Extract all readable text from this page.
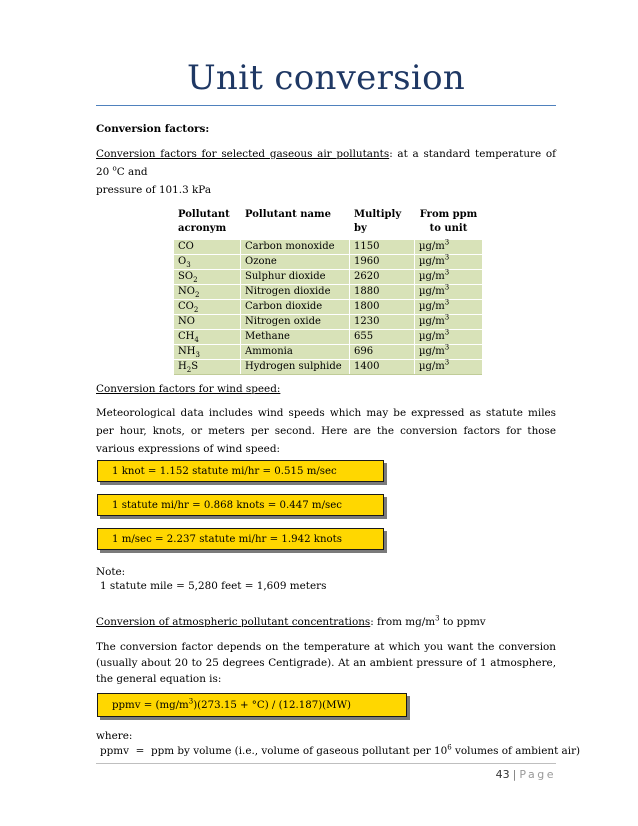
Unit conversion
Conversion factors:
Conversion factors for selected gaseous air pollutants: at a standard temperature of 20 $^o$C and
pressure of 101.3 kPa
Pollutant acronym	Pollutant name	Multiply by	From ppm to unit
CO	Carbon monoxide	1150	$\mu g/m^3$
$O_3$	Ozone	1960	$\mu g/m^3$
$SO_2$	Sulphur dioxide	2620	$\mu g/m^3$
$NO_2$	Nitrogen dioxide	1880	$\mu g/m^3$
$CO_2$	Carbon dioxide	1800	$\mu g/m^3$
NO	Nitrogen oxide	1230	$\mu g/m^3$
$CH_4$	Methane	655	$\mu g/m^3$
$NH_3$	Ammonia	696	$\mu g/m^3$
$H_2S$	Hydrogen sulphide	1400	$\mu g/m^3$
Conversion factors for wind speed:
Meteorological data includes wind speeds which may be expressed as statute miles per hour, knots, or meters per second. Here are the conversion factors for those various expressions of wind speed:
1 knot = 1.152 statute mi/hr = 0.515 m/sec
1 statute mi/hr = 0.868 knots = 0.447 m/sec
1 m/sec = 2.237 statute mi/hr = 1.942 knots
Note:
1 statute mile = 5,280 feet = 1,609 meters
Conversion of atmospheric pollutant concentrations: from $mg/m^3$ to ppmv
The conversion factor depends on the temperature at which you want the conversion (usually about 20 to 25 degrees Centigrade). At an ambient pressure of 1 atmosphere, the general equation is:
ppmv = $(mg/m^3)(273.15 + ^\circ C) / (12.187)(MW)$
where:
ppmv  =  ppm by volume (i.e., volume of gaseous pollutant per $10^6$ volumes of ambient air)
43 | Page
